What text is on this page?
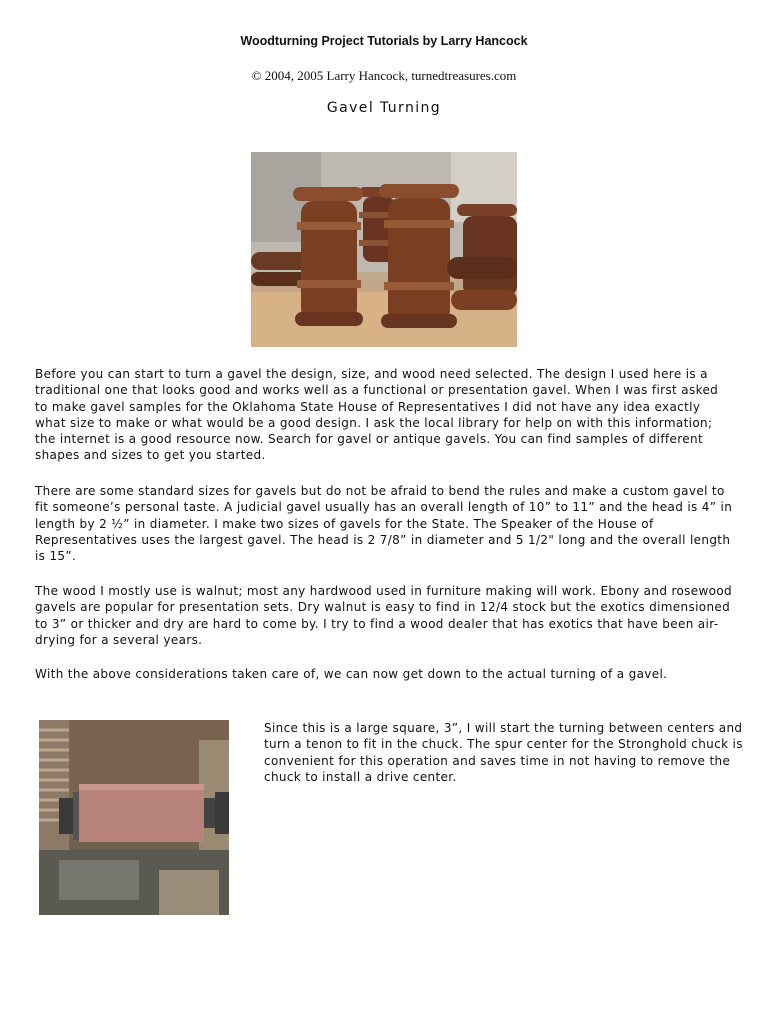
Woodturning Project Tutorials by Larry Hancock
© 2004, 2005 Larry Hancock, turnedtreasures.com
Gavel Turning

Before you can start to turn a gavel the design, size, and wood need selected. The design I used here is a traditional one that looks good and works well as a functional or presentation gavel. When I was first asked to make gavel samples for the Oklahoma State House of Representatives I did not have any idea exactly what size to make or what would be a good design. I ask the local library for help on with this information; the internet is a good resource now. Search for gavel or antique gavels. You can find samples of different shapes and sizes to get you started.

There are some standard sizes for gavels but do not be afraid to bend the rules and make a custom gavel to fit someone’s personal taste. A judicial gavel usually has an overall length of 10” to 11” and the head is 4” in length by 2 ½” in diameter. I make two sizes of gavels for the State. The Speaker of the House of Representatives uses the largest gavel. The head is 2 7/8” in diameter and 5 1/2" long and the overall length is 15”.

The wood I mostly use is walnut; most any hardwood used in furniture making will work. Ebony and rosewood gavels are popular for presentation sets. Dry walnut is easy to find in 12/4 stock but the exotics dimensioned to 3” or thicker and dry are hard to come by. I try to find a wood dealer that has exotics that have been air-drying for a several years.

With the above considerations taken care of, we can now get down to the actual turning of a gavel.

Since this is a large square, 3”, I will start the turning between centers and turn a tenon to fit in the chuck. The spur center for the Stronghold chuck is convenient for this operation and saves time in not having to remove the chuck to install a drive center.
